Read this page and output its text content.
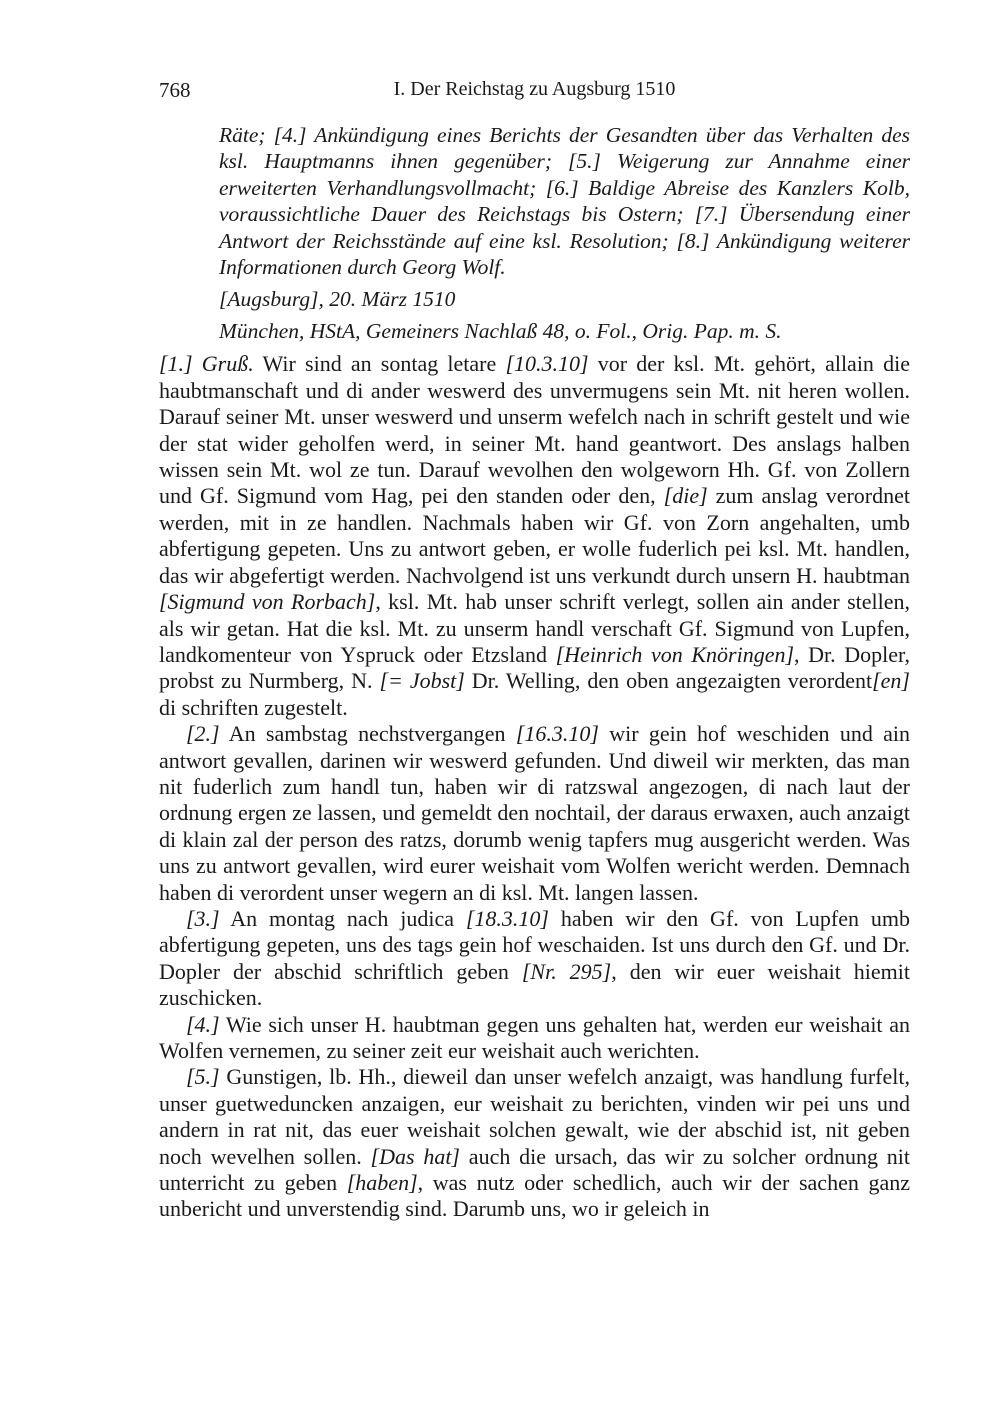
768	I. Der Reichstag zu Augsburg 1510

Räte; [4.] Ankündigung eines Berichts der Gesandten über das Verhalten des ksl. Hauptmanns ihnen gegenüber; [5.] Weigerung zur Annahme einer erweiterten Verhandlungsvollmacht; [6.] Baldige Abreise des Kanzlers Kolb, voraussichtliche Dauer des Reichstags bis Ostern; [7.] Übersendung einer Antwort der Reichsstände auf eine ksl. Resolution; [8.] Ankündigung weiterer Informationen durch Georg Wolf.

[Augsburg], 20. März 1510
München, HStA, Gemeiners Nachlaß 48, o. Fol., Orig. Pap. m. S.

[1.] Gruß. Wir sind an sontag letare [10.3.10] vor der ksl. Mt. gehört, allain die haubtmanschaft und di ander weswerd des unvermugens sein Mt. nit heren wollen. Darauf seiner Mt. unser weswerd und unserm wefelch nach in schrift gestelt und wie der stat wider geholfen werd, in seiner Mt. hand geantwort. Des anslags halben wissen sein Mt. wol ze tun. Darauf wevolhen den wolgeworn Hh. Gf. von Zollern und Gf. Sigmund vom Hag, pei den standen oder den, [die] zum anslag verordnet werden, mit in ze handlen. Nachmals haben wir Gf. von Zorn angehalten, umb abfertigung gepeten. Uns zu antwort geben, er wolle fuderlich pei ksl. Mt. handlen, das wir abgefertigt werden. Nachvolgend ist uns verkundt durch unsern H. haubtman [Sigmund von Rorbach], ksl. Mt. hab unser schrift verlegt, sollen ain ander stellen, als wir getan. Hat die ksl. Mt. zu unserm handl verschaft Gf. Sigmund von Lupfen, landkomenteur von Yspruck oder Etzsland [Heinrich von Knöringen], Dr. Dopler, probst zu Nurmberg, N. [= Jobst] Dr. Welling, den oben angezaigten verordent[en] di schriften zugestelt.

[2.] An sambstag nechstvergangen [16.3.10] wir gein hof weschiden und ain antwort gevallen, darinen wir weswerd gefunden. Und diweil wir merkten, das man nit fuderlich zum handl tun, haben wir di ratzswal angezogen, di nach laut der ordnung ergen ze lassen, und gemeldt den nochtail, der daraus erwaxen, auch anzaigt di klain zal der person des ratzs, dorumb wenig tapfers mug ausgericht werden. Was uns zu antwort gevallen, wird eurer weishait vom Wolfen wericht werden. Demnach haben di verordent unser wegern an di ksl. Mt. langen lassen.

[3.] An montag nach judica [18.3.10] haben wir den Gf. von Lupfen umb abfertigung gepeten, uns des tags gein hof weschaiden. Ist uns durch den Gf. und Dr. Dopler der abschid schriftlich geben [Nr. 295], den wir euer weishait hiemit zuschicken.

[4.] Wie sich unser H. haubtman gegen uns gehalten hat, werden eur weishait an Wolfen vernemen, zu seiner zeit eur weishait auch werichten.

[5.] Gunstigen, lb. Hh., dieweil dan unser wefelch anzaigt, was handlung furfelt, unser guetweduncken anzaigen, eur weishait zu berichten, vinden wir pei uns und andern in rat nit, das euer weishait solchen gewalt, wie der abschid ist, nit geben noch wevelhen sollen. [Das hat] auch die ursach, das wir zu solcher ordnung nit unterricht zu geben [haben], was nutz oder schedlich, auch wir der sachen ganz unbericht und unverstendig sind. Darumb uns, wo ir geleich in
